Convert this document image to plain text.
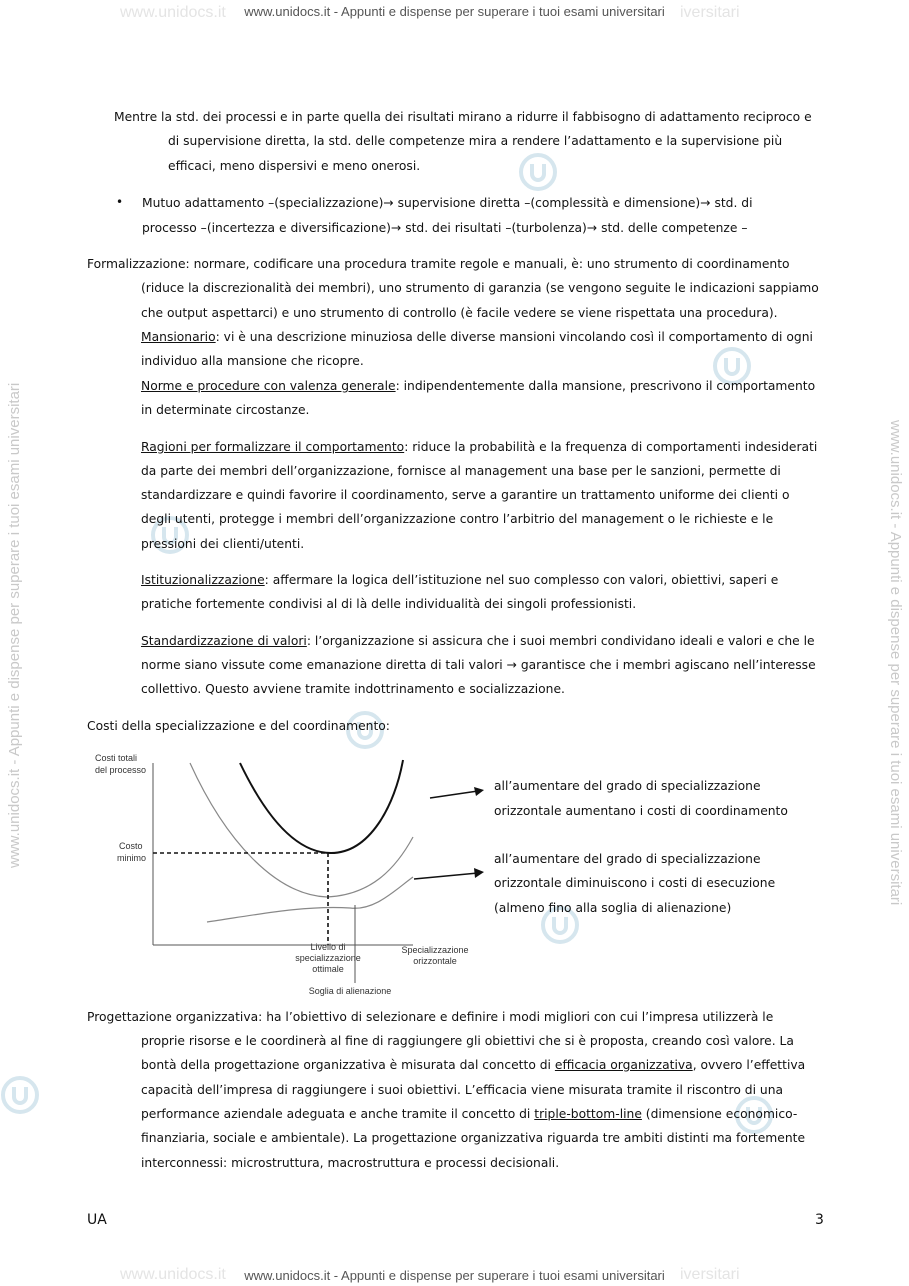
www.unidocs.it	iversitari
www.unidocs.it - Appunti e dispense per superare i tuoi esami universitari
www.unidocs.it	iversitari
www.unidocs.it - Appunti e dispense per superare i tuoi esami universitari
www.unidocs.it - Appunti e dispense per superare i tuoi esami universitari	www.unidocs.it - Appunti e dispense per superare i tuoi esami universitari
Mentre la std. dei processi e in parte quella dei risultati mirano a ridurre il fabbisogno di adattamento reciproco e
di supervisione diretta, la std. delle competenze mira a rendere l’adattamento e la supervisione più
efficaci, meno dispersivi e meno onerosi.
• Mutuo adattamento –(specializzazione)→ supervisione diretta –(complessità e dimensione)→ std. di
processo –(incertezza e diversificazione)→ std. dei risultati –(turbolenza)→ std. delle competenze –
Formalizzazione: normare, codificare una procedura tramite regole e manuali, è: uno strumento di coordinamento
(riduce la discrezionalità dei membri), uno strumento di garanzia (se vengono seguite le indicazioni sappiamo
che output aspettarci) e uno strumento di controllo (è facile vedere se viene rispettata una procedura).
Mansionario: vi è una descrizione minuziosa delle diverse mansioni vincolando così il comportamento di ogni
individuo alla mansione che ricopre.
Norme e procedure con valenza generale: indipendentemente dalla mansione, prescrivono il comportamento
in determinate circostanze.
Ragioni per formalizzare il comportamento: riduce la probabilità e la frequenza di comportamenti indesiderati
da parte dei membri dell’organizzazione, fornisce al management una base per le sanzioni, permette di
standardizzare e quindi favorire il coordinamento, serve a garantire un trattamento uniforme dei clienti o
degli utenti, protegge i membri dell’organizzazione contro l’arbitrio del management o le richieste e le
pressioni dei clienti/utenti.
Istituzionalizzazione: affermare la logica dell’istituzione nel suo complesso con valori, obiettivi, saperi e
pratiche fortemente condivisi al di là delle individualità dei singoli professionisti.
Standardizzazione di valori: l’organizzazione si assicura che i suoi membri condividano ideali e valori e che le
norme siano vissute come emanazione diretta di tali valori → garantisce che i membri agiscano nell’interesse
collettivo. Questo avviene tramite indottrinamento e socializzazione.
Costi della specializzazione e del coordinamento:
Costi totali
del processo
Costo
minimo
Livello di
specializzazione
ottimale
Specializzazione
orizzontale
Soglia di alienazione
all’aumentare del grado di specializzazione
orizzontale aumentano i costi di coordinamento
all’aumentare del grado di specializzazione
orizzontale diminuiscono i costi di esecuzione
(almeno fino alla soglia di alienazione)
Progettazione organizzativa: ha l’obiettivo di selezionare e definire i modi migliori con cui l’impresa utilizzerà le
proprie risorse e le coordinerà al fine di raggiungere gli obiettivi che si è proposta, creando così valore. La
bontà della progettazione organizzativa è misurata dal concetto di efficacia organizzativa, ovvero l’effettiva
capacità dell’impresa di raggiungere i suoi obiettivi. L’efficacia viene misurata tramite il riscontro di una
performance aziendale adeguata e anche tramite il concetto di triple-bottom-line (dimensione economico-
finanziaria, sociale e ambientale). La progettazione organizzativa riguarda tre ambiti distinti ma fortemente
interconnessi: microstruttura, macrostruttura e processi decisionali.
UA	3
